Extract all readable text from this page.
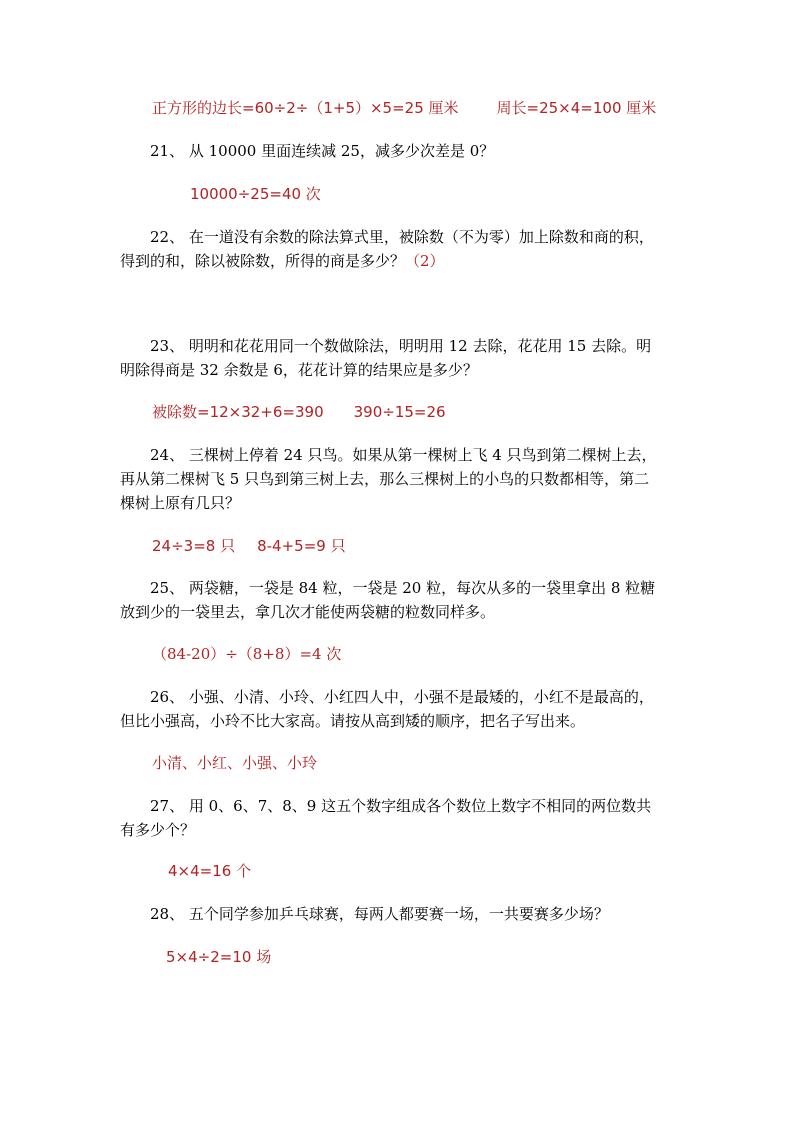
正方形的边长=60÷2÷（1+5）×5=25 厘米	周长=25×4=100 厘米
21、 从 10000 里面连续减 25，减多少次差是 0？
10000÷25=40 次
22、 在一道没有余数的除法算式里，被除数（不为零）加上除数和商的积，
得到的和，除以被除数，所得的商是多少？（2）
23、 明明和花花用同一个数做除法，明明用 12 去除，花花用 15 去除。明
明除得商是 32 余数是 6，花花计算的结果应是多少？
被除数=12×32+6=390 390÷15=26
24、 三棵树上停着 24 只鸟。如果从第一棵树上飞 4 只鸟到第二棵树上去，
再从第二棵树飞 5 只鸟到第三树上去，那么三棵树上的小鸟的只数都相等，第二
棵树上原有几只？
24÷3=8 只 8-4+5=9 只
25、 两袋糖，一袋是 84 粒，一袋是 20 粒，每次从多的一袋里拿出 8 粒糖
放到少的一袋里去，拿几次才能使两袋糖的粒数同样多。
（84-20）÷（8+8）=4 次
26、 小强、小清、小玲、小红四人中，小强不是最矮的，小红不是最高的，
但比小强高，小玲不比大家高。请按从高到矮的顺序，把名子写出来。
小清、小红、小强、小玲
27、 用 0、6、7、8、9 这五个数字组成各个数位上数字不相同的两位数共
有多少个？
4×4=16 个
28、 五个同学参加乒乓球赛，每两人都要赛一场，一共要赛多少场？
5×4÷2=10 场
